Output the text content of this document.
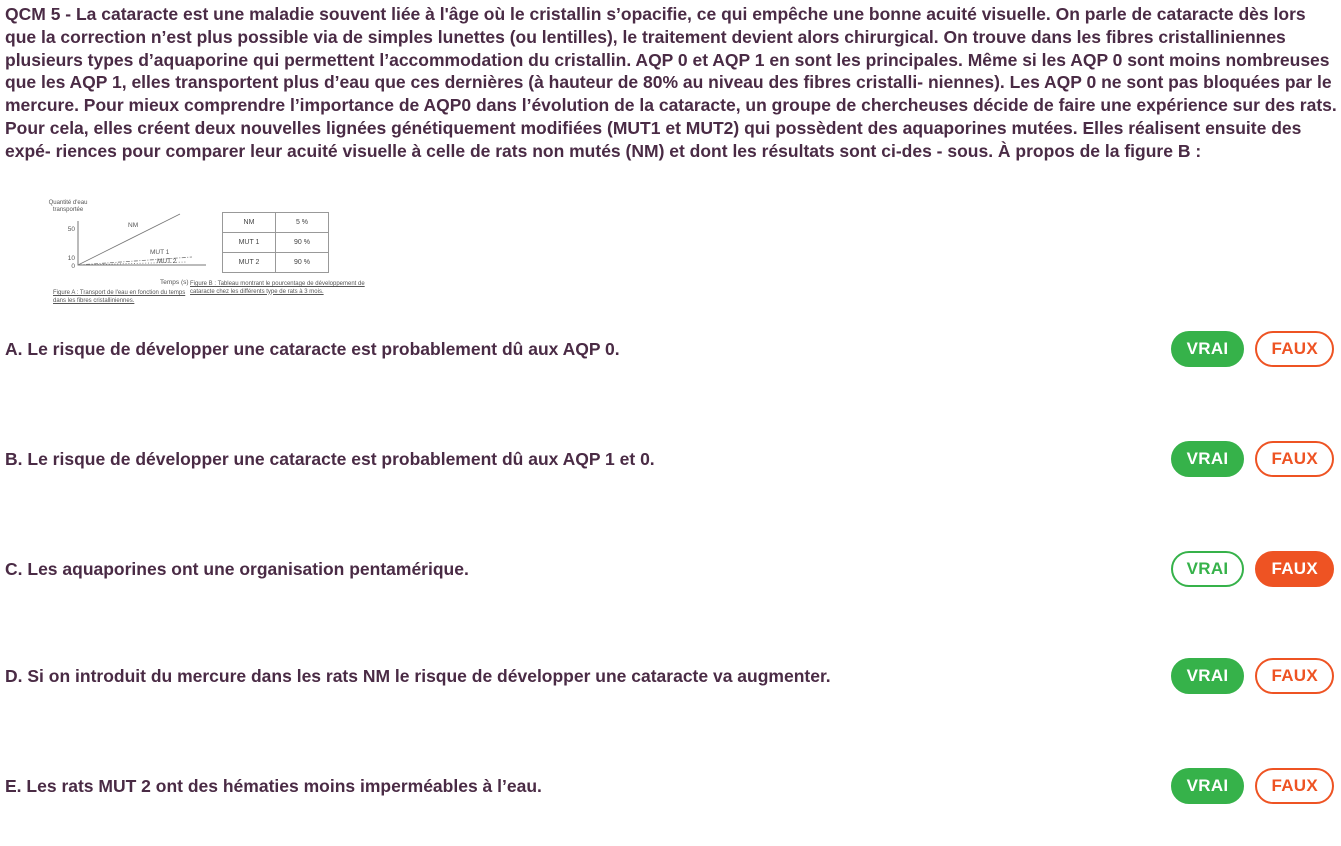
QCM 5 - La cataracte est une maladie souvent liée à l'âge où le cristallin s’opacifie, ce qui empêche une bonne acuité visuelle. On parle de cataracte dès lors que la correction n’est plus possible via de simples lunettes (ou lentilles), le traitement devient alors chirurgical. On trouve dans les fibres cristalliniennes plusieurs types d’aquaporine qui permettent l’accommodation du cristallin. AQP 0 et AQP 1 en sont les principales. Même si les AQP 0 sont moins nombreuses que les AQP 1, elles transportent plus d’eau que ces dernières (à hauteur de 80% au niveau des fibres cristalli- niennes). Les AQP 0 ne sont pas bloquées par le mercure. Pour mieux comprendre l’importance de AQP0 dans l’évolution de la cataracte, un groupe de chercheuses décide de faire une expérience sur des rats. Pour cela, elles créent deux nouvelles lignées génétiquement modifiées (MUT1 et MUT2) qui possèdent des aquaporines mutées. Elles réalisent ensuite des expé- riences pour comparer leur acuité visuelle à celle de rats non mutés (NM) et dont les résultats sont ci-des - sous. À propos de la figure B :

Quantité d'eau transportée
50
10
0
NM
MUT 1
MUT 2
Temps (s)
Figure A : Transport de l'eau en fonction du temps dans les fibres cristalliniennes.
NM	5 %
MUT 1	90 %
MUT 2	90 %
Figure B : Tableau montrant le pourcentage de développement de cataracte chez les différents type de rats à 3 mois.
A. Le risque de développer une cataracte est probablement dû aux AQP 0.	VRAI	FAUX
B. Le risque de développer une cataracte est probablement dû aux AQP 1 et 0.	VRAI	FAUX
C. Les aquaporines ont une organisation pentamérique.	VRAI	FAUX
D. Si on introduit du mercure dans les rats NM le risque de développer une cataracte va augmenter.	VRAI	FAUX
E. Les rats MUT 2 ont des hématies moins imperméables à l’eau.	VRAI	FAUX
